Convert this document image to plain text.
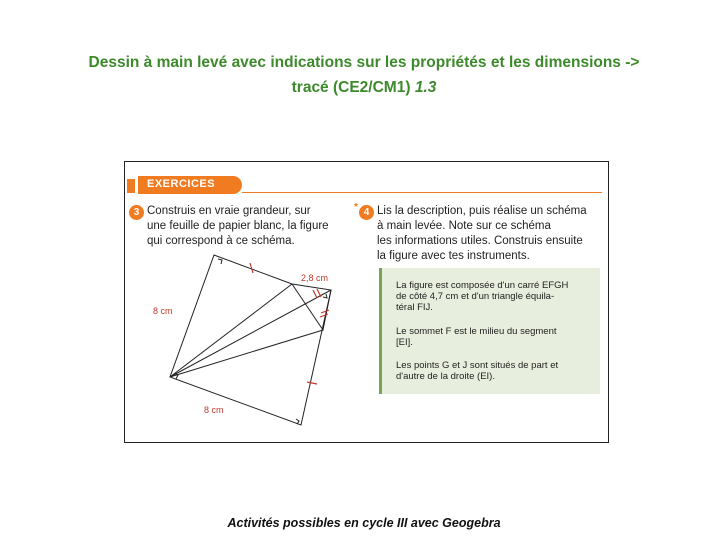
Dessin à main levé avec indications sur les propriétés et les dimensions ->
tracé (CE2/CM1) 1.3
EXERCICES
3 Construis en vraie grandeur, sur
une feuille de papier blanc, la figure
qui correspond à ce schéma.
8 cm
8 cm
2,8 cm
* 4 Lis la description, puis réalise un schéma
à main levée. Note sur ce schéma
les informations utiles. Construis ensuite
la figure avec tes instruments.
La figure est composée d'un carré EFGH
de côté 4,7 cm et d'un triangle équila-
téral FIJ.
Le sommet F est le milieu du segment
[EI].
Les points G et J sont situés de part et
d'autre de la droite (EI).
Activités possibles en cycle III avec Geogebra
